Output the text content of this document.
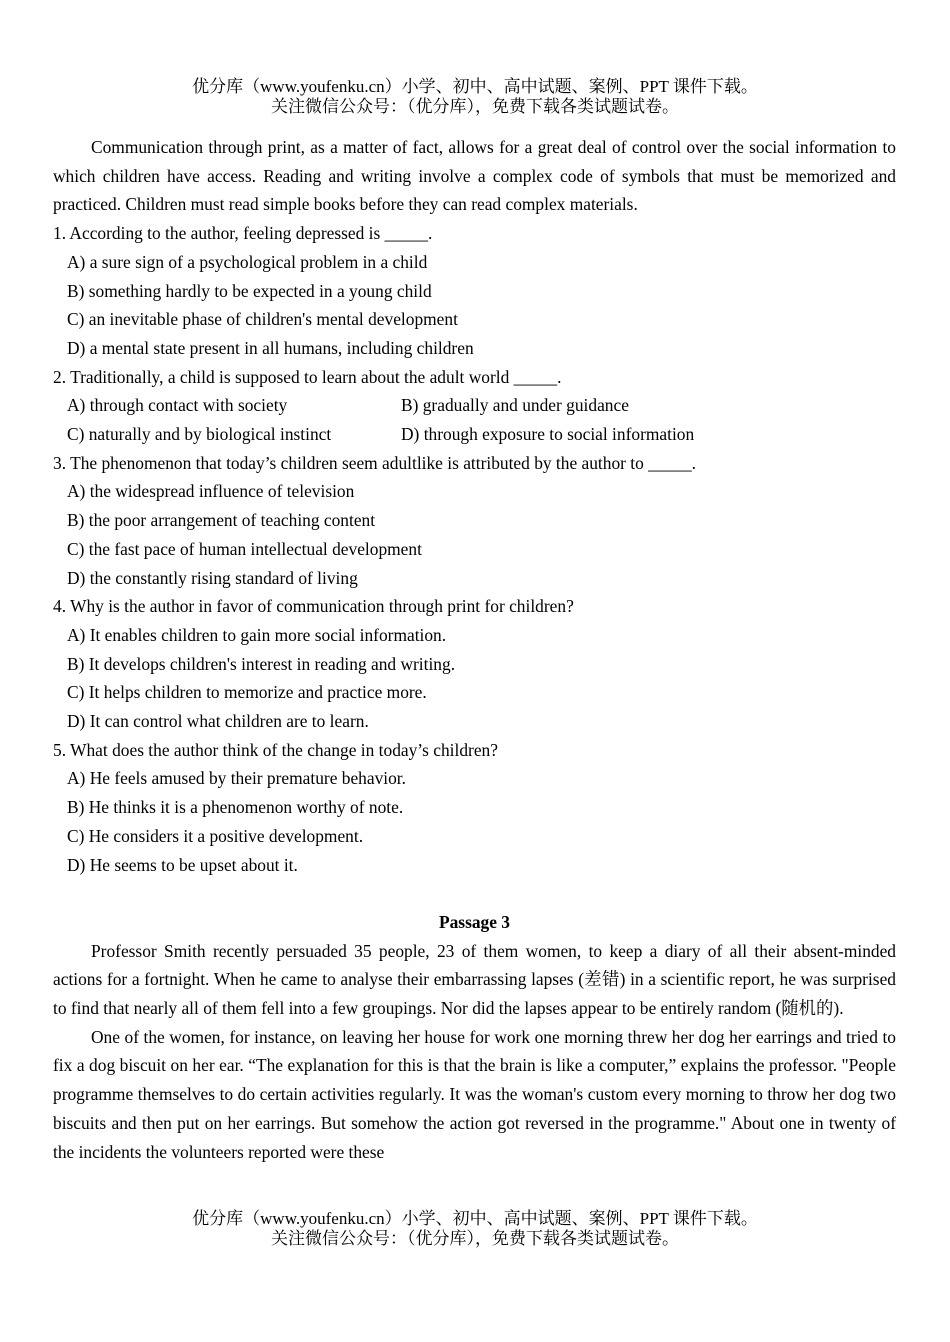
优分库（www.youfenku.cn）小学、初中、高中试题、案例、PPT 课件下载。
关注微信公众号：（优分库），免费下载各类试题试卷。

Communication through print, as a matter of fact, allows for a great deal of control over the social information to which children have access. Reading and writing involve a complex code of symbols that must be memorized and practiced. Children must read simple books before they can read complex materials.

1. According to the author, feeling depressed is _____.
A) a sure sign of a psychological problem in a child
B) something hardly to be expected in a young child
C) an inevitable phase of children's mental development
D) a mental state present in all humans, including children
2. Traditionally, a child is supposed to learn about the adult world _____.
A) through contact with society	B) gradually and under guidance
C) naturally and by biological instinct	D) through exposure to social information
3. The phenomenon that today’s children seem adultlike is attributed by the author to _____.
A) the widespread influence of television
B) the poor arrangement of teaching content
C) the fast pace of human intellectual development
D) the constantly rising standard of living
4. Why is the author in favor of communication through print for children?
A) It enables children to gain more social information.
B) It develops children's interest in reading and writing.
C) It helps children to memorize and practice more.
D) It can control what children are to learn.
5. What does the author think of the change in today’s children?
A) He feels amused by their premature behavior.
B) He thinks it is a phenomenon worthy of note.
C) He considers it a positive development.
D) He seems to be upset about it.
Passage 3

Professor Smith recently persuaded 35 people, 23 of them women, to keep a diary of all their absent-minded actions for a fortnight. When he came to analyse their embarrassing lapses (差错) in a scientific report, he was surprised to find that nearly all of them fell into a few groupings. Nor did the lapses appear to be entirely random (随机的).

One of the women, for instance, on leaving her house for work one morning threw her dog her earrings and tried to fix a dog biscuit on her ear. “The explanation for this is that the brain is like a computer,” explains the professor. "People programme themselves to do certain activities regularly. It was the woman's custom every morning to throw her dog two biscuits and then put on her earrings. But somehow the action got reversed in the programme." About one in twenty of the incidents the volunteers reported were these

优分库（www.youfenku.cn）小学、初中、高中试题、案例、PPT 课件下载。
关注微信公众号：（优分库），免费下载各类试题试卷。
